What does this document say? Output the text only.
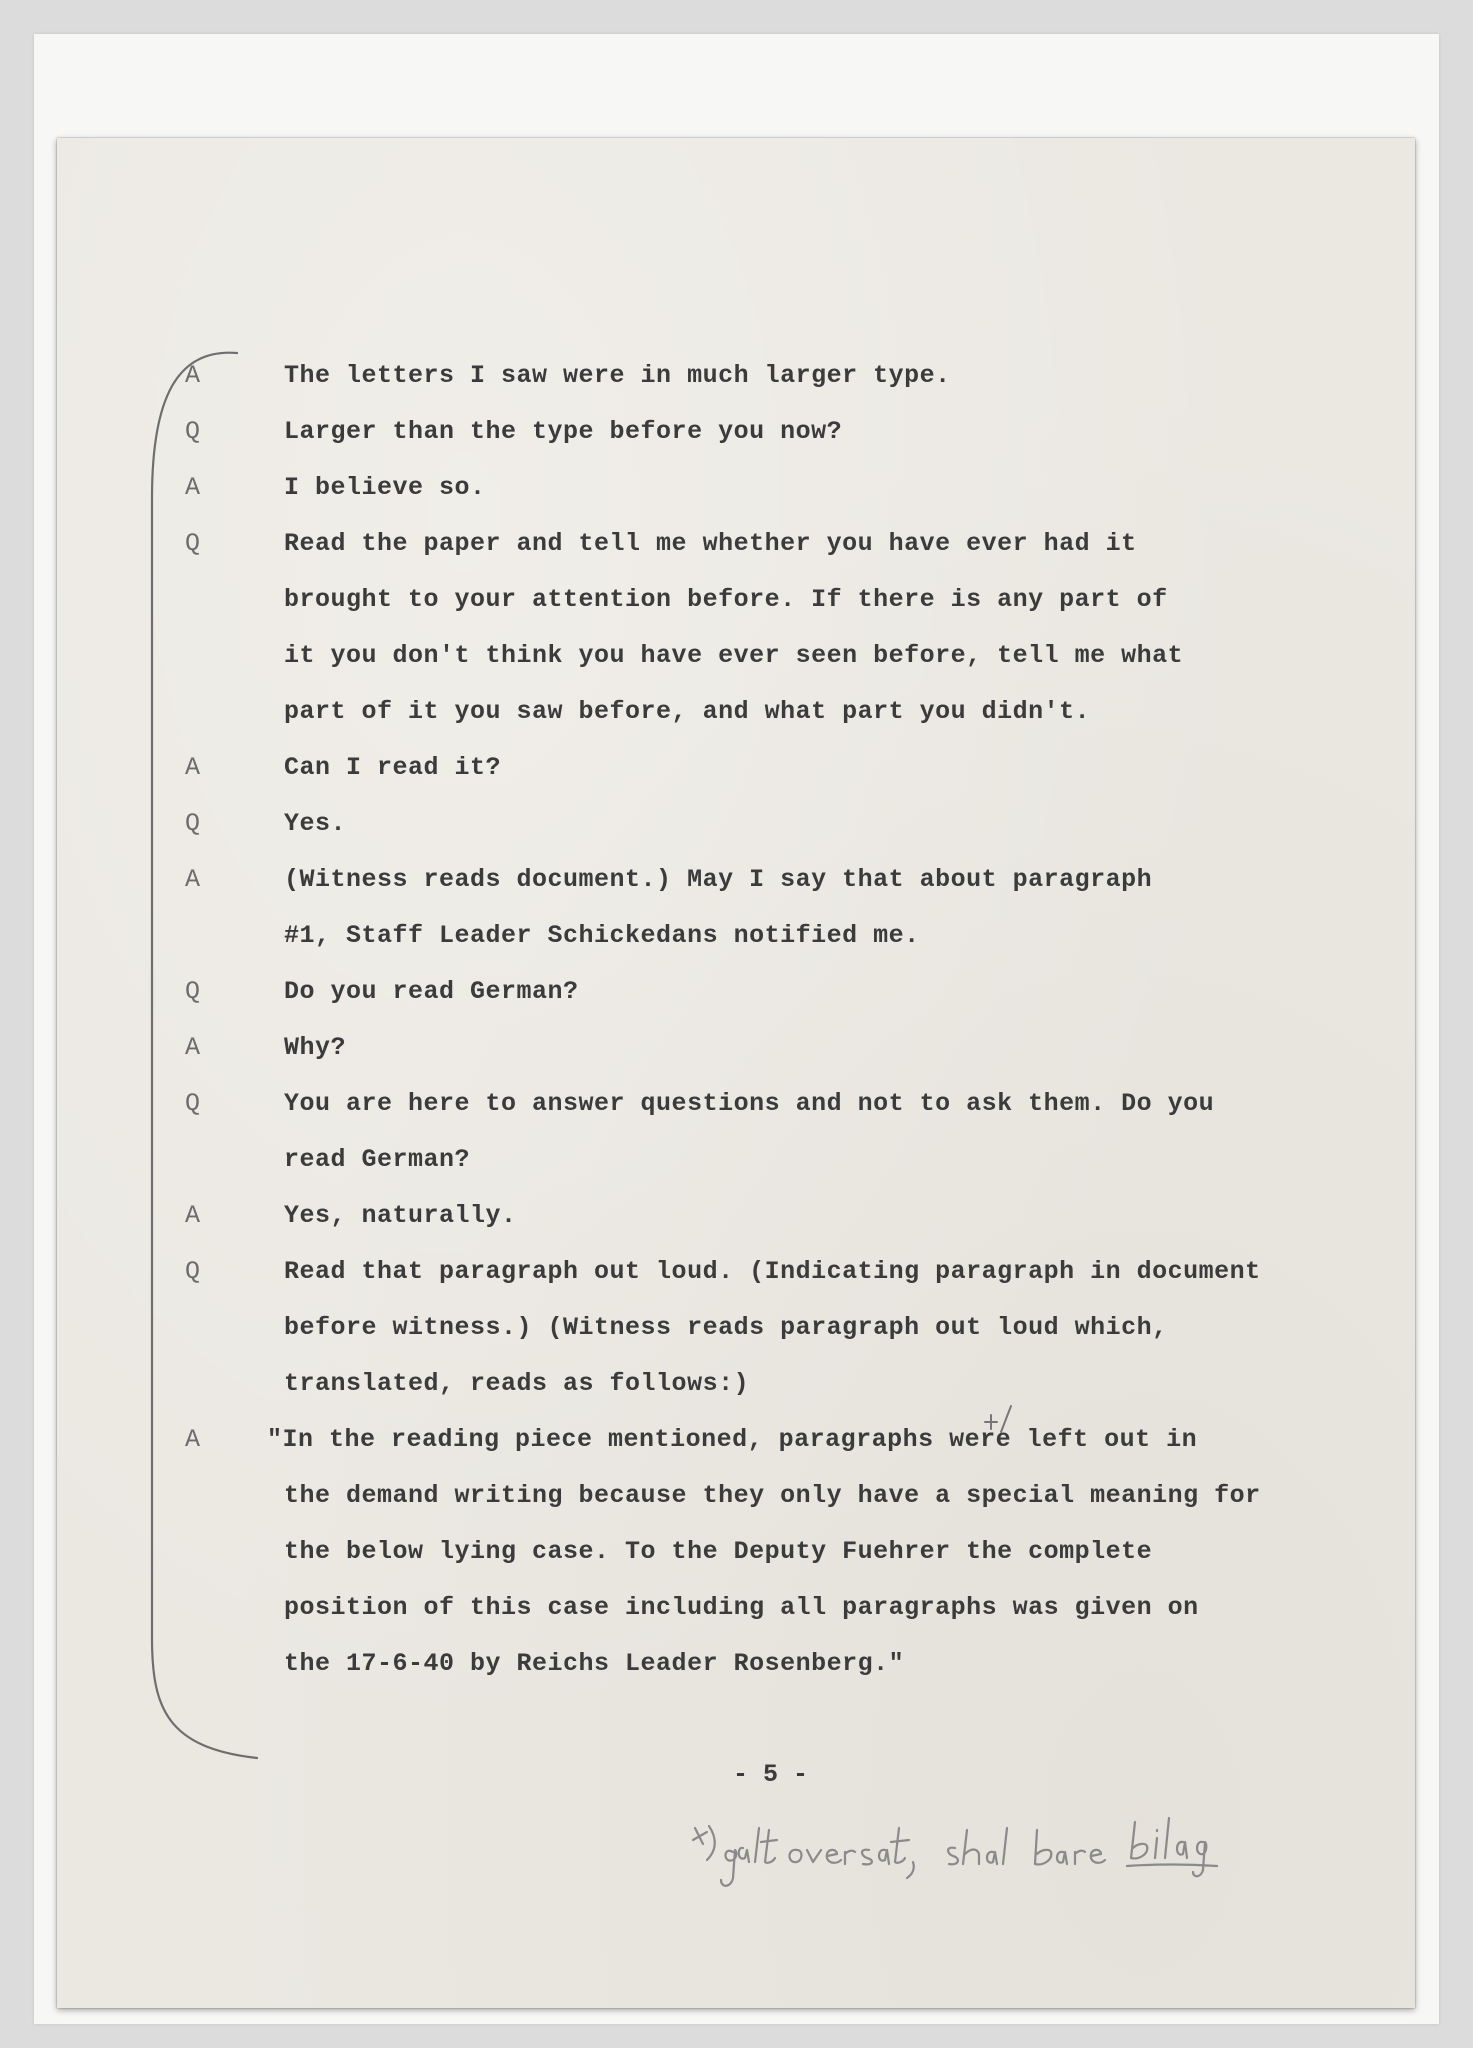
A	The letters I saw were in much larger type.
Q	Larger than the type before you now?
A	I believe so.
Q	Read the paper and tell me whether you have ever had it
brought to your attention before. If there is any part of
it you don't think you have ever seen before, tell me what
part of it you saw before, and what part you didn't.
A	Can I read it?
Q	Yes.
A	(Witness reads document.) May I say that about paragraph
#1, Staff Leader Schickedans notified me.
Q	Do you read German?
A	Why?
Q	You are here to answer questions and not to ask them. Do you
read German?
A	Yes, naturally.
Q	Read that paragraph out loud. (Indicating paragraph in document
before witness.) (Witness reads paragraph out loud which,
translated, reads as follows:)
A	"In the reading piece mentioned, paragraphs were left out in
the demand writing because they only have a special meaning for
the below lying case. To the Deputy Fuehrer the complete
position of this case including all paragraphs was given on
the 17-6-40 by Reichs Leader Rosenberg."
- 5 -
